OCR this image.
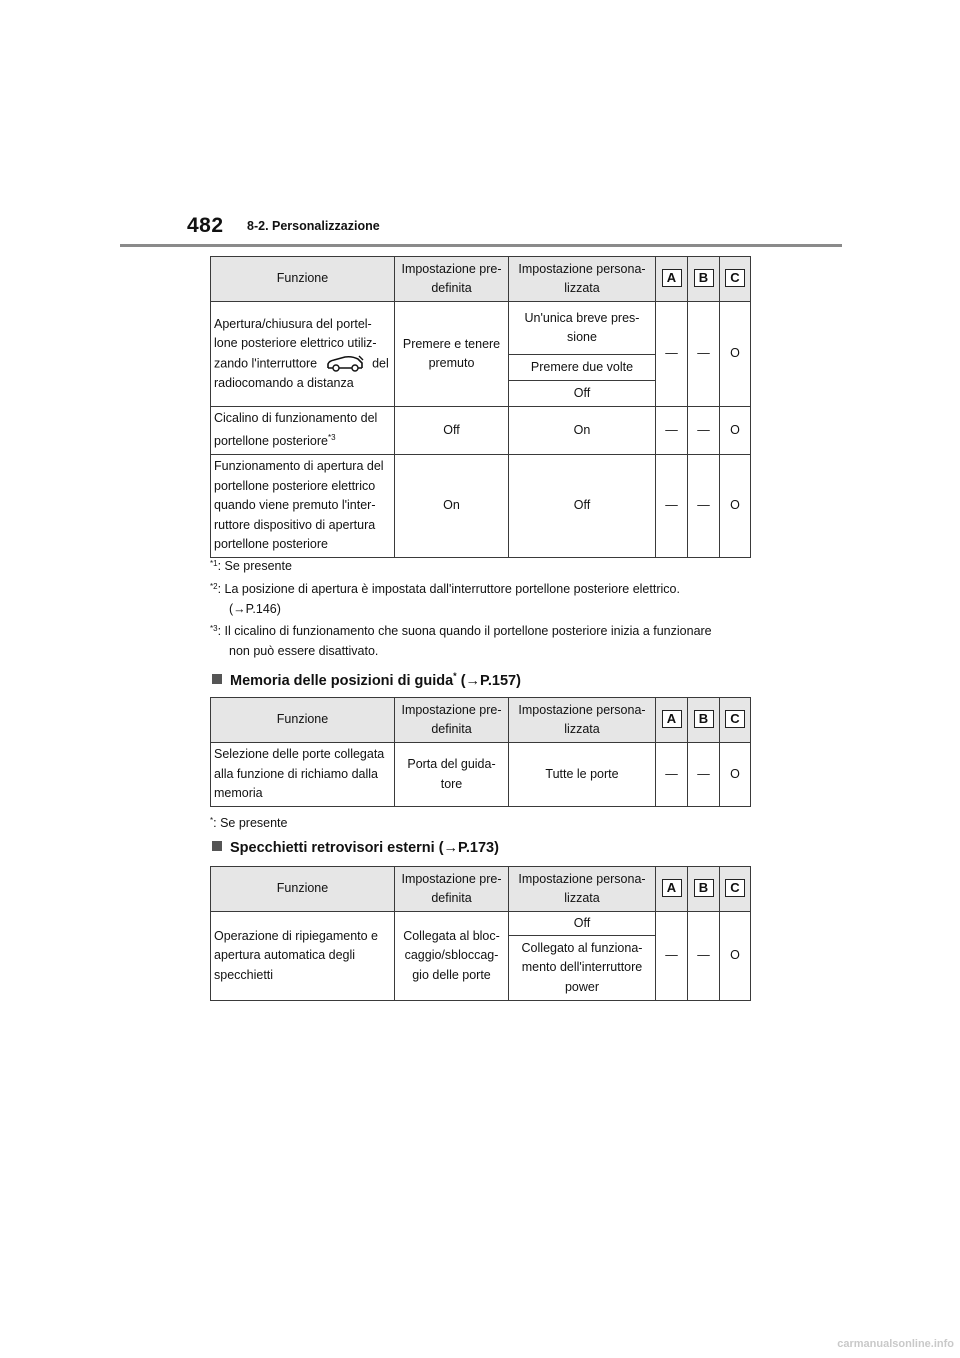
482 8-2. Personalizzazione
Funzione	Impostazione pre-definita	Impostazione persona-lizzata	A	B	C
Apertura/chiusura del portel-lone posteriore elettrico utiliz-zando l'interruttore del radiocomando a distanza	Premere e tenere premuto	Un'unica breve pres-sione	—	—	O
		Premere due volte			
		Off			
Cicalino di funzionamento del portellone posteriore$^{*3}$	Off	On	—	—	O
Funzionamento di apertura del portellone posteriore elettrico quando viene premuto l'inter-ruttore dispositivo di apertura portellone posteriore	On	Off	—	—	O
$^{*1}$: Se presente
$^{*2}$: La posizione di apertura è impostata dall'interruttore portellone posteriore elettrico.
(→P.146)
$^{*3}$: Il cicalino di funzionamento che suona quando il portellone posteriore inizia a funzionare
non può essere disattivato.
Memoria delle posizioni di guida* (→P.157)
Funzione	Impostazione pre-definita	Impostazione persona-lizzata	A	B	C
Selezione delle porte collegata alla funzione di richiamo dalla memoria	Porta del guida-tore	Tutte le porte	—	—	O
*: Se presente
Specchietti retrovisori esterni (→P.173)
Funzione	Impostazione pre-definita	Impostazione persona-lizzata	A	B	C
Operazione di ripiegamento e apertura automatica degli specchietti	Collegata al bloc-caggio/sbloccag-gio delle porte	Off	—	—	O
		Collegato al funziona-mento dell'interruttore power			
carmanualsonline.info
